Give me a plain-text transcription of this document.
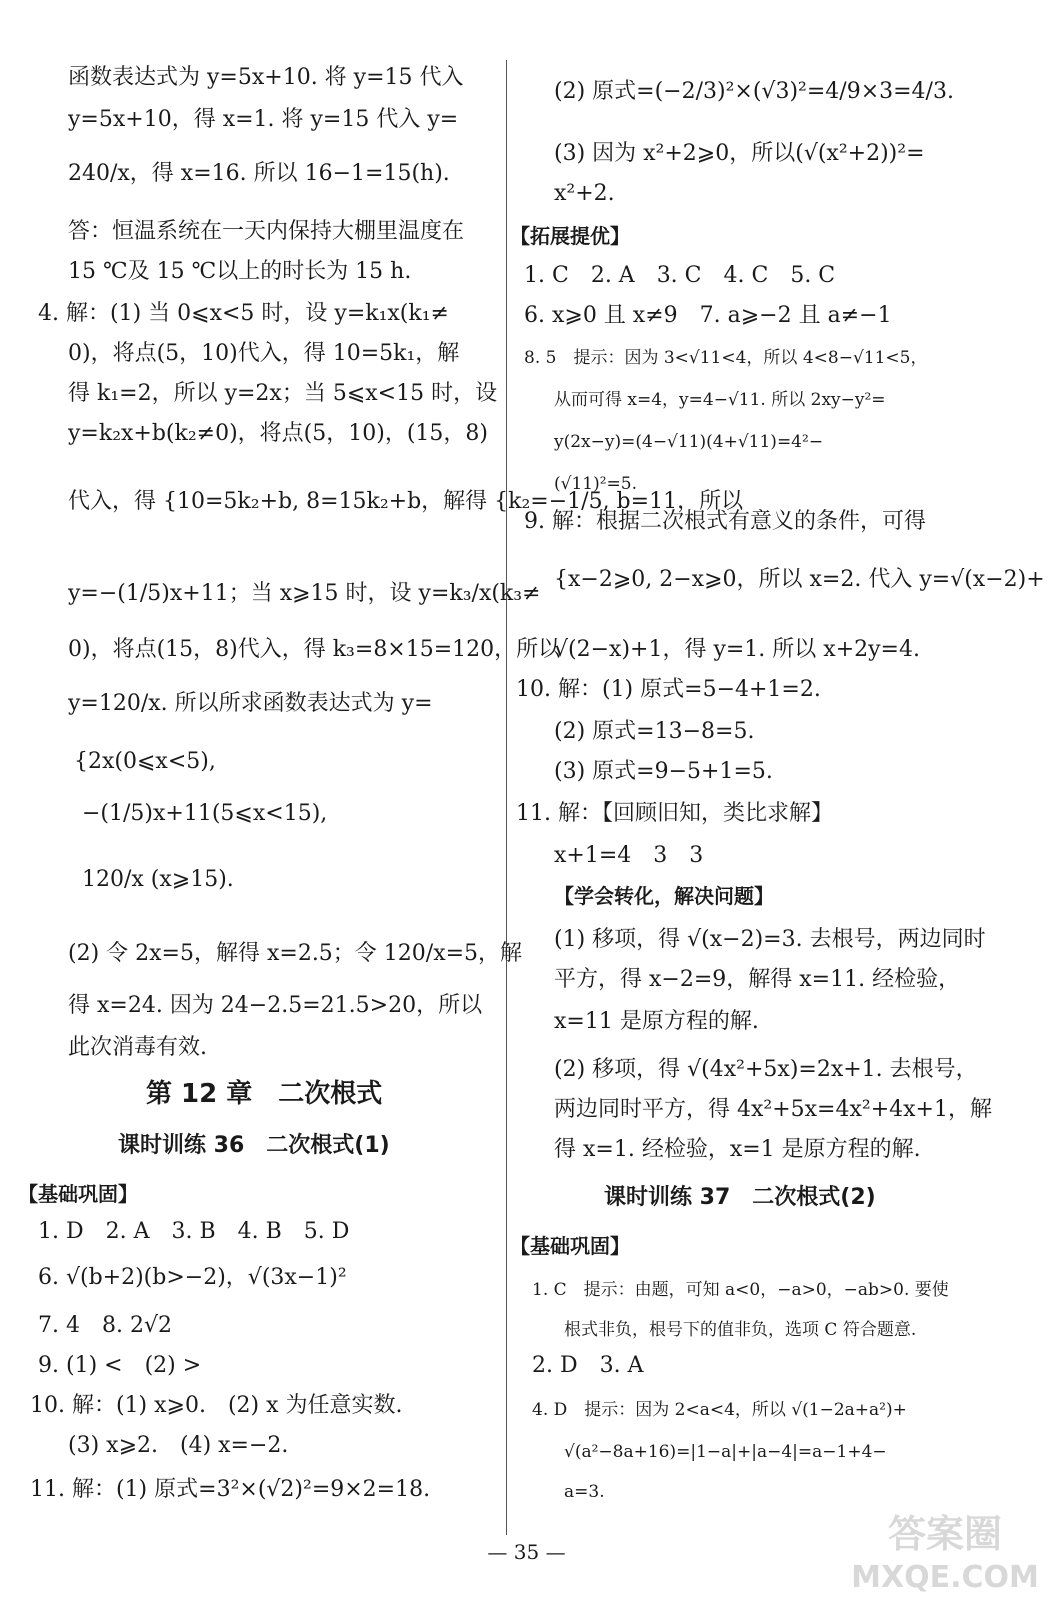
函数表达式为 y=5x+10. 将 y=15 代入
y=5x+10，得 x=1. 将 y=15 代入 y=
240/x，得 x=16. 所以 16−1=15(h).
答：恒温系统在一天内保持大棚里温度在
15 ℃及 15 ℃以上的时长为 15 h.
4. 解：(1) 当 0⩽x<5 时，设 y=k₁x(k₁≠
0)，将点(5，10)代入，得 10=5k₁，解
得 k₁=2，所以 y=2x；当 5⩽x<15 时，设
y=k₂x+b(k₂≠0)，将点(5，10)，(15，8)
代入，得 {10=5k₂+b, 8=15k₂+b，解得 {k₂=−1/5, b=11，所以
y=−(1/5)x+11；当 x⩾15 时，设 y=k₃/x(k₃≠
0)，将点(15，8)代入，得 k₃=8×15=120，所以
y=120/x. 所以所求函数表达式为 y=
{2x(0⩽x<5),
−(1/5)x+11(5⩽x<15),
120/x (x⩾15).
(2) 令 2x=5，解得 x=2.5；令 120/x=5，解
得 x=24. 因为 24−2.5=21.5>20，所以
此次消毒有效.
第 12 章　二次根式
课时训练 36　二次根式(1)
【基础巩固】
1. D　2. A　3. B　4. B　5. D
6. √(b+2)(b>−2)，√(3x−1)²
7. 4　8. 2√2
9. (1) <　(2) >
10. 解：(1) x⩾0.　(2) x 为任意实数.
(3) x⩾2.　(4) x=−2.
11. 解：(1) 原式=3²×(√2)²=9×2=18.
(2) 原式=(−2/3)²×(√3)²=4/9×3=4/3.
(3) 因为 x²+2⩾0，所以(√(x²+2))²=
x²+2.
【拓展提优】
1. C　2. A　3. C　4. C　5. C
6. x⩾0 且 x≠9　7. a⩾−2 且 a≠−1
8. 5　提示：因为 3<√11<4，所以 4<8−√11<5，
从而可得 x=4，y=4−√11. 所以 2xy−y²=
y(2x−y)=(4−√11)(4+√11)=4²−
(√11)²=5.
9. 解：根据二次根式有意义的条件，可得
{x−2⩾0, 2−x⩾0，所以 x=2. 代入 y=√(x−2)+
√(2−x)+1，得 y=1. 所以 x+2y=4.
10. 解：(1) 原式=5−4+1=2.
(2) 原式=13−8=5.
(3) 原式=9−5+1=5.
11. 解：【回顾旧知，类比求解】
x+1=4　3　3
【学会转化，解决问题】
(1) 移项，得 √(x−2)=3. 去根号，两边同时
平方，得 x−2=9，解得 x=11. 经检验，
x=11 是原方程的解.
(2) 移项，得 √(4x²+5x)=2x+1. 去根号，
两边同时平方，得 4x²+5x=4x²+4x+1，解
得 x=1. 经检验，x=1 是原方程的解.
课时训练 37　二次根式(2)
【基础巩固】
1. C　提示：由题，可知 a<0，−a>0，−ab>0. 要使
根式非负，根号下的值非负，选项 C 符合题意.
2. D　3. A
4. D　提示：因为 2<a<4，所以 √(1−2a+a²)+
√(a²−8a+16)=|1−a|+|a−4|=a−1+4−
a=3.
— 35 —	答案圈
MXQE.COM
